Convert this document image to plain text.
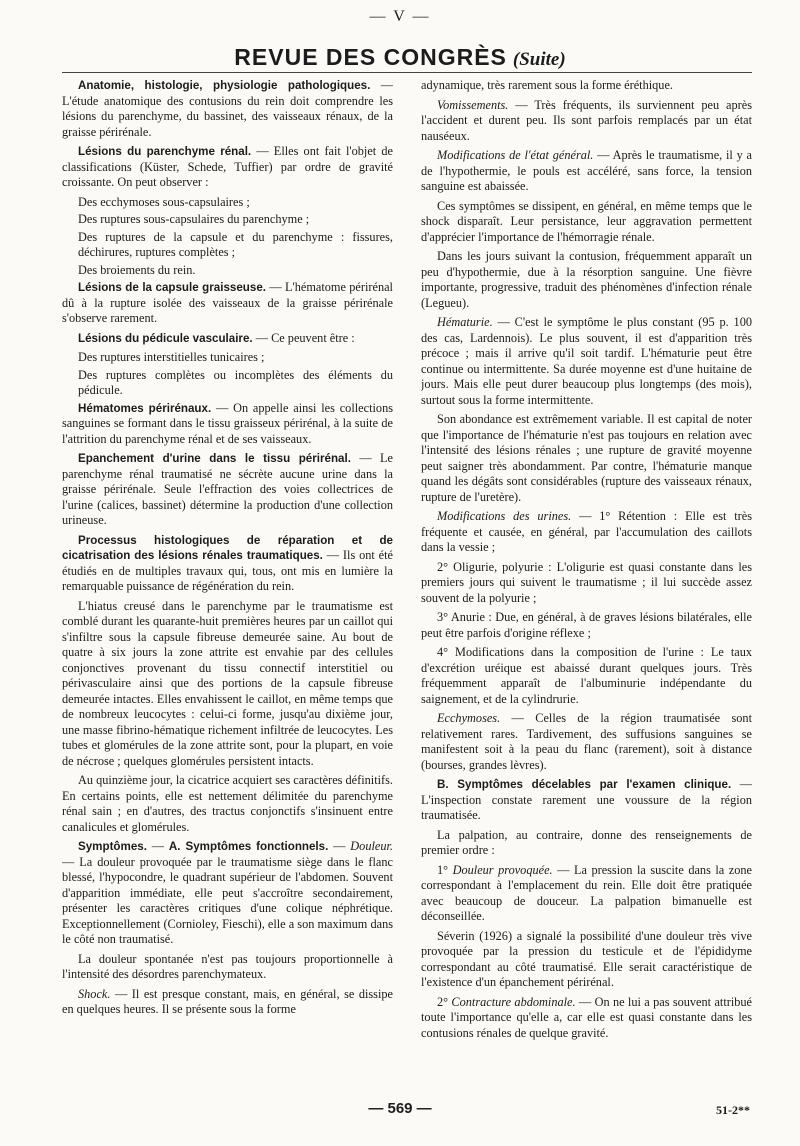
— V —
REVUE DES CONGRÈS (Suite)

Anatomie, histologie, physiologie pathologiques. — L'étude anatomique des contusions du rein doit comprendre les lésions du parenchyme, du bassinet, des vaisseaux rénaux, de la graisse périrénale.

Lésions du parenchyme rénal. — Elles ont fait l'objet de classifications (Küster, Schede, Tuffier) par ordre de gravité croissante. On peut observer :

Des ecchymoses sous-capsulaires ;

Des ruptures sous-capsulaires du parenchyme ;

Des ruptures de la capsule et du parenchyme : fissures, déchirures, ruptures complètes ;

Des broiements du rein.

Lésions de la capsule graisseuse. — L'hématome périrénal dû à la rupture isolée des vaisseaux de la graisse périrénale s'observe rarement.

Lésions du pédicule vasculaire. — Ce peuvent être :

Des ruptures interstitielles tunicaires ;

Des ruptures complètes ou incomplètes des éléments du pédicule.

Hématomes périrénaux. — On appelle ainsi les collections sanguines se formant dans le tissu graisseux périrénal, à la suite de l'attrition du parenchyme rénal et de ses vaisseaux.

Epanchement d'urine dans le tissu périrénal. — Le parenchyme rénal traumatisé ne sécrète aucune urine dans la graisse périrénale. Seule l'effraction des voies collectrices de l'urine (calices, bassinet) détermine la production d'une collection urineuse.

Processus histologiques de réparation et de cicatrisation des lésions rénales traumatiques. — Ils ont été étudiés en de multiples travaux qui, tous, ont mis en lumière la remarquable puissance de régénération du rein.

L'hiatus creusé dans le parenchyme par le traumatisme est comblé durant les quarante-huit premières heures par un caillot qui s'infiltre sous la capsule fibreuse demeurée saine. Au bout de quatre à six jours la zone attrite est envahie par des cellules conjonctives provenant du tissu connectif interstitiel ou périvasculaire ainsi que des portions de la capsule fibreuse demeurée intactes. Elles envahissent le caillot, en même temps que de nombreux leucocytes : celui-ci forme, jusqu'au dixième jour, une masse fibrino-hématique richement infiltrée de leucocytes. Les tubes et glomérules de la zone attrite sont, pour la plupart, en voie de nécrose ; quelques glomérules persistent intacts.

Au quinzième jour, la cicatrice acquiert ses caractères définitifs. En certains points, elle est nettement délimitée du parenchyme rénal sain ; en d'autres, des tractus conjonctifs s'insinuent entre canalicules et glomérules.

Symptômes. — A. Symptômes fonctionnels. — Douleur. — La douleur provoquée par le traumatisme siège dans le flanc blessé, l'hypocondre, le quadrant supérieur de l'abdomen. Souvent d'apparition immédiate, elle peut s'accroître secondairement, présenter les caractères critiques d'une colique néphrétique. Exceptionnellement (Cornioley, Fieschi), elle a son maximum dans le côté non traumatisé.

La douleur spontanée n'est pas toujours proportionnelle à l'intensité des désordres parenchymateux.

Shock. — Il est presque constant, mais, en général, se dissipe en quelques heures. Il se présente sous la forme

adynamique, très rarement sous la forme éréthique.

Vomissements. — Très fréquents, ils surviennent peu après l'accident et durent peu. Ils sont parfois remplacés par un état nauséeux.

Modifications de l'état général. — Après le traumatisme, il y a de l'hypothermie, le pouls est accéléré, sans force, la tension sanguine est abaissée.

Ces symptômes se dissipent, en général, en même temps que le shock disparaît. Leur persistance, leur aggravation permettent d'apprécier l'importance de l'hémorragie rénale.

Dans les jours suivant la contusion, fréquemment apparaît un peu d'hypothermie, due à la résorption sanguine. Une fièvre importante, progressive, traduit des phénomènes d'infection rénale (Legueu).

Hématurie. — C'est le symptôme le plus constant (95 p. 100 des cas, Lardennois). Le plus souvent, il est d'apparition très précoce ; mais il arrive qu'il soit tardif. L'hématurie peut être continue ou intermittente. Sa durée moyenne est d'une huitaine de jours. Mais elle peut durer beaucoup plus longtemps (des mois), surtout sous la forme intermittente.

Son abondance est extrêmement variable. Il est capital de noter que l'importance de l'hématurie n'est pas toujours en relation avec l'intensité des lésions rénales ; une rupture de gravité moyenne peut saigner très abondamment. Par contre, l'hématurie manque quand les dégâts sont considérables (rupture des vaisseaux rénaux, rupture de l'uretère).

Modifications des urines. — 1° Rétention : Elle est très fréquente et causée, en général, par l'accumulation des caillots dans la vessie ;

2° Oligurie, polyurie : L'oligurie est quasi constante dans les premiers jours qui suivent le traumatisme ; il lui succède assez souvent de la polyurie ;

3° Anurie : Due, en général, à de graves lésions bilatérales, elle peut être parfois d'origine réflexe ;

4° Modifications dans la composition de l'urine : Le taux d'excrétion uréique est abaissé durant quelques jours. Très fréquemment apparaît de l'albuminurie indépendante du saignement, et de la cylindrurie.

Ecchymoses. — Celles de la région traumatisée sont relativement rares. Tardivement, des suffusions sanguines se manifestent soit à la peau du flanc (rarement), soit à distance (bourses, grandes lèvres).

B. Symptômes décelables par l'examen clinique. — L'inspection constate rarement une voussure de la région traumatisée.

La palpation, au contraire, donne des renseignements de premier ordre :

1° Douleur provoquée. — La pression la suscite dans la zone correspondant à l'emplacement du rein. Elle doit être pratiquée avec beaucoup de douceur. La palpation bimanuelle est déconseillée.

Séverin (1926) a signalé la possibilité d'une douleur très vive provoquée par la pression du testicule et de l'épididyme correspondant au côté traumatisé. Elle serait caractéristique de l'existence d'un épanchement périrénal.

2° Contracture abdominale. — On ne lui a pas souvent attribué toute l'importance qu'elle a, car elle est quasi constante dans les contusions rénales de quelque gravité.

— 569 —	51-2**
